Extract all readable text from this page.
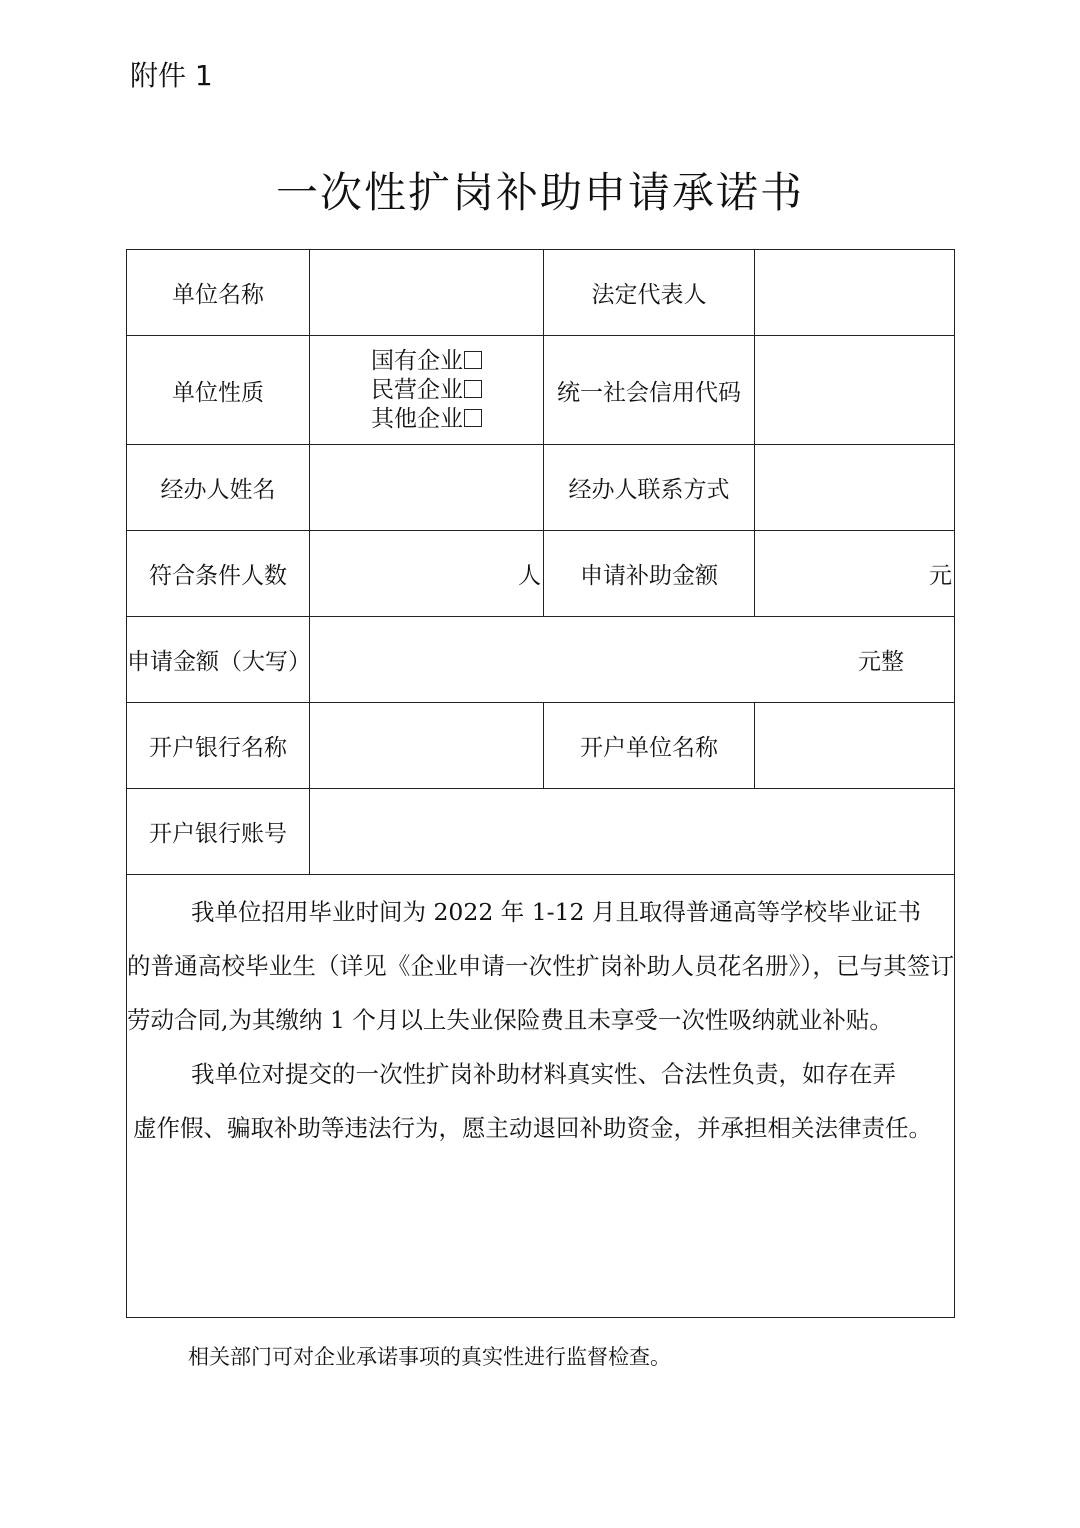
附件 1
一次性扩岗补助申请承诺书
单位名称		法定代表人	
单位性质	国有企业
民营企业
其他企业	统一社会信用代码	
经办人姓名		经办人联系方式	
符合条件人数	人	申请补助金额	元
申请金额（大写）	元整		
开户银行名称		开户单位名称	
开户银行账号			

我单位招用毕业时间为 2022 年 1-12 月且取得普通高等学校毕业证书

的普通高校毕业生（详见《企业申请一次性扩岗补助人员花名册》），已与其签订劳动合同,为其缴纳 1 个月以上失业保险费且未享受一次性吸纳就业补贴。

我单位对提交的一次性扩岗补助材料真实性、合法性负责，如存在弄

虚作假、骗取补助等违法行为，愿主动退回补助资金，并承担相关法律责任。			

相关部门可对企业承诺事项的真实性进行监督检查。
